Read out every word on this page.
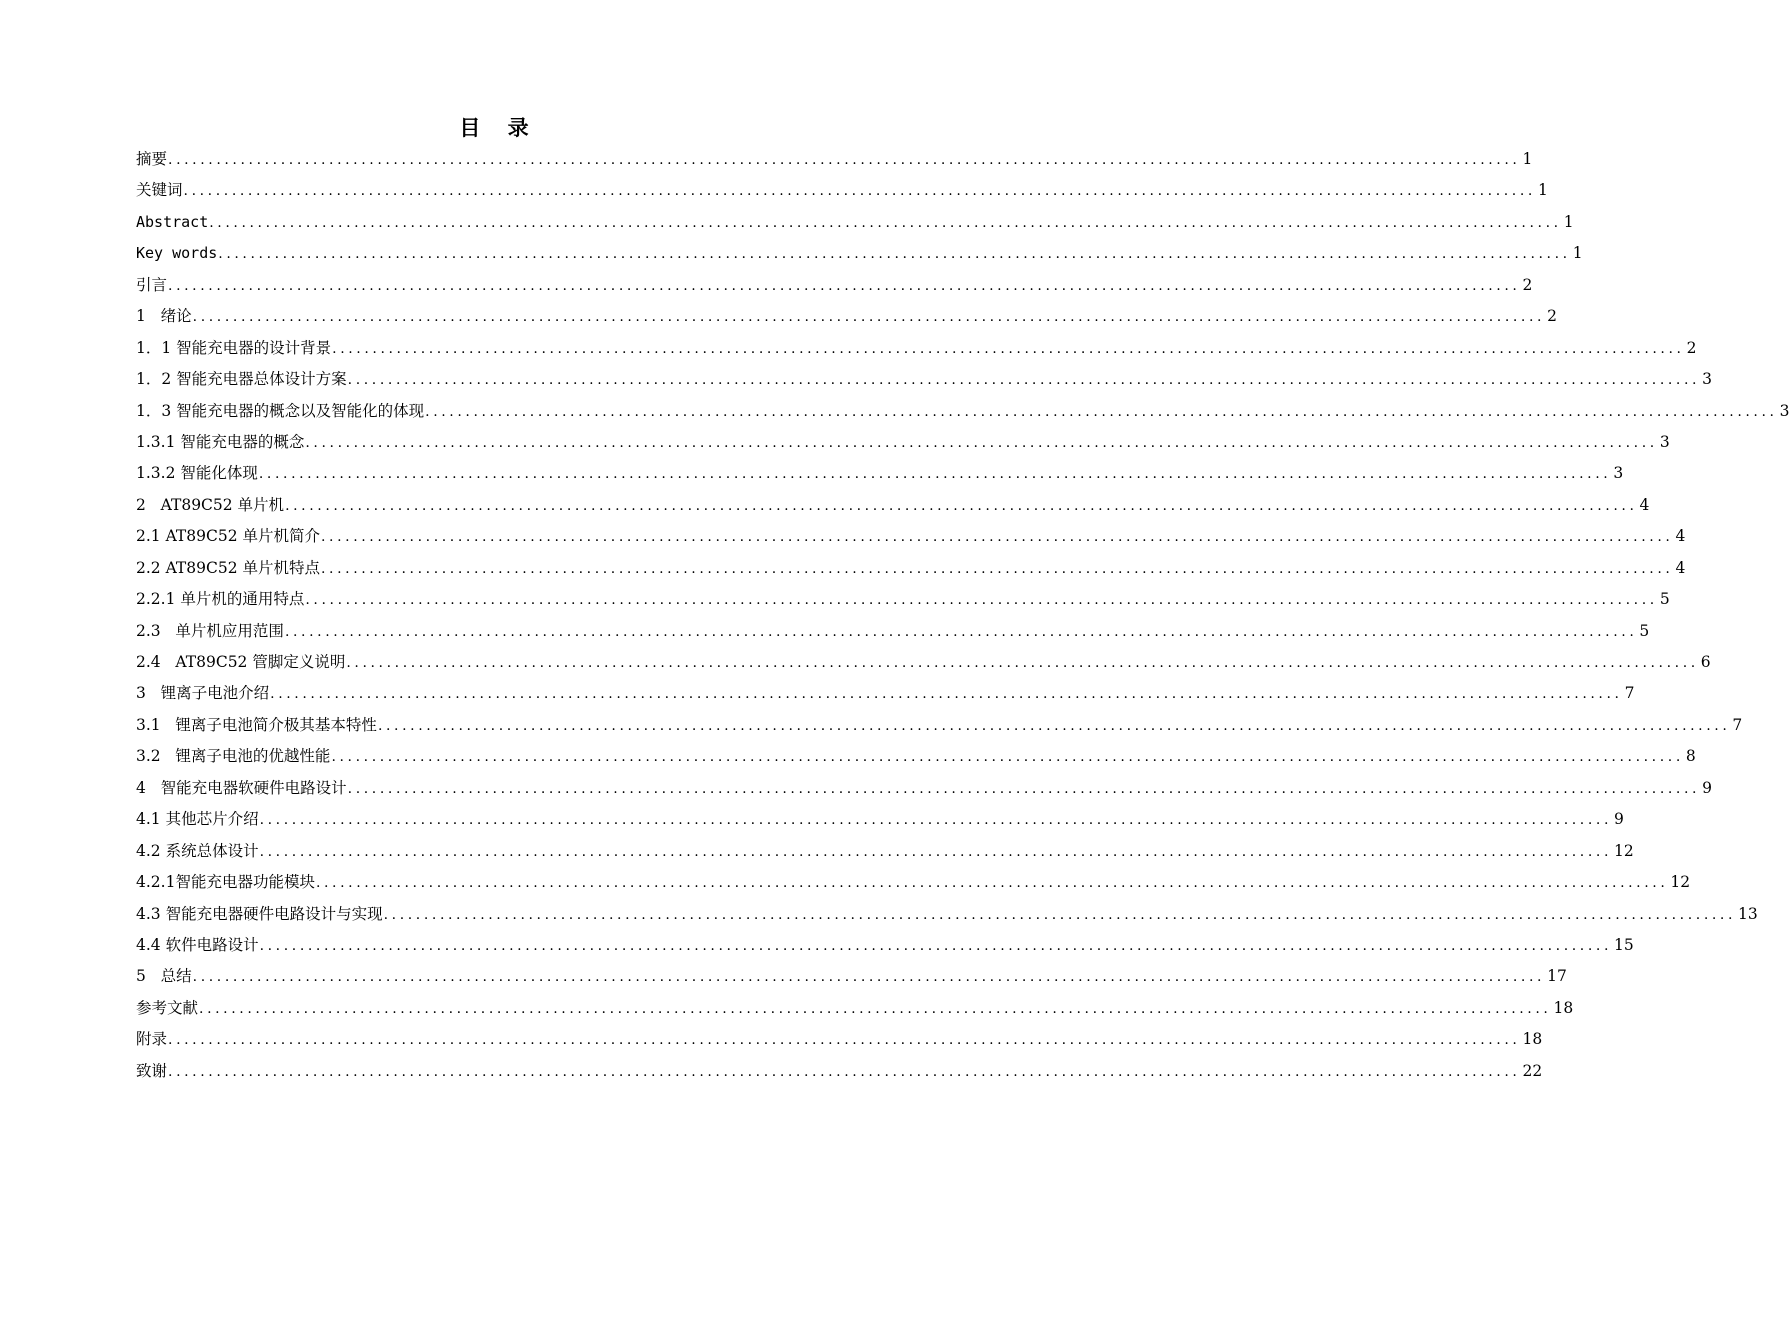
目 录
摘要 ........................................................................................................................................................................ 1
关键词 ........................................................................................................................................................................ 1
Abstract ........................................................................................................................................................................ 1
Key words ........................................................................................................................................................................ 1
引言 ........................................................................................................................................................................ 2
1   绪论 ........................................................................................................................................................................ 2
1．1 智能充电器的设计背景 ........................................................................................................................................................................ 2
1．2 智能充电器总体设计方案 ........................................................................................................................................................................ 3
1．3 智能充电器的概念以及智能化的体现 ........................................................................................................................................................................ 3
1.3.1 智能充电器的概念 ........................................................................................................................................................................ 3
1.3.2 智能化体现 ........................................................................................................................................................................ 3
2   AT89C52 单片机 ........................................................................................................................................................................ 4
2.1 AT89C52 单片机简介 ........................................................................................................................................................................ 4
2.2 AT89C52 单片机特点 ........................................................................................................................................................................ 4
2.2.1 单片机的通用特点 ........................................................................................................................................................................ 5
2.3   单片机应用范围 ........................................................................................................................................................................ 5
2.4   AT89C52 管脚定义说明 ........................................................................................................................................................................ 6
3   锂离子电池介绍 ........................................................................................................................................................................ 7
3.1   锂离子电池简介极其基本特性 ........................................................................................................................................................................ 7
3.2   锂离子电池的优越性能 ........................................................................................................................................................................ 8
4   智能充电器软硬件电路设计 ........................................................................................................................................................................ 9
4.1 其他芯片介绍 ........................................................................................................................................................................ 9
4.2 系统总体设计 ........................................................................................................................................................................ 12
4.2.1智能充电器功能模块 ........................................................................................................................................................................ 12
4.3 智能充电器硬件电路设计与实现 ........................................................................................................................................................................ 13
4.4 软件电路设计 ........................................................................................................................................................................ 15
5   总结 ........................................................................................................................................................................ 17
参考文献 ........................................................................................................................................................................ 18
附录 ........................................................................................................................................................................ 18
致谢 ........................................................................................................................................................................ 22
